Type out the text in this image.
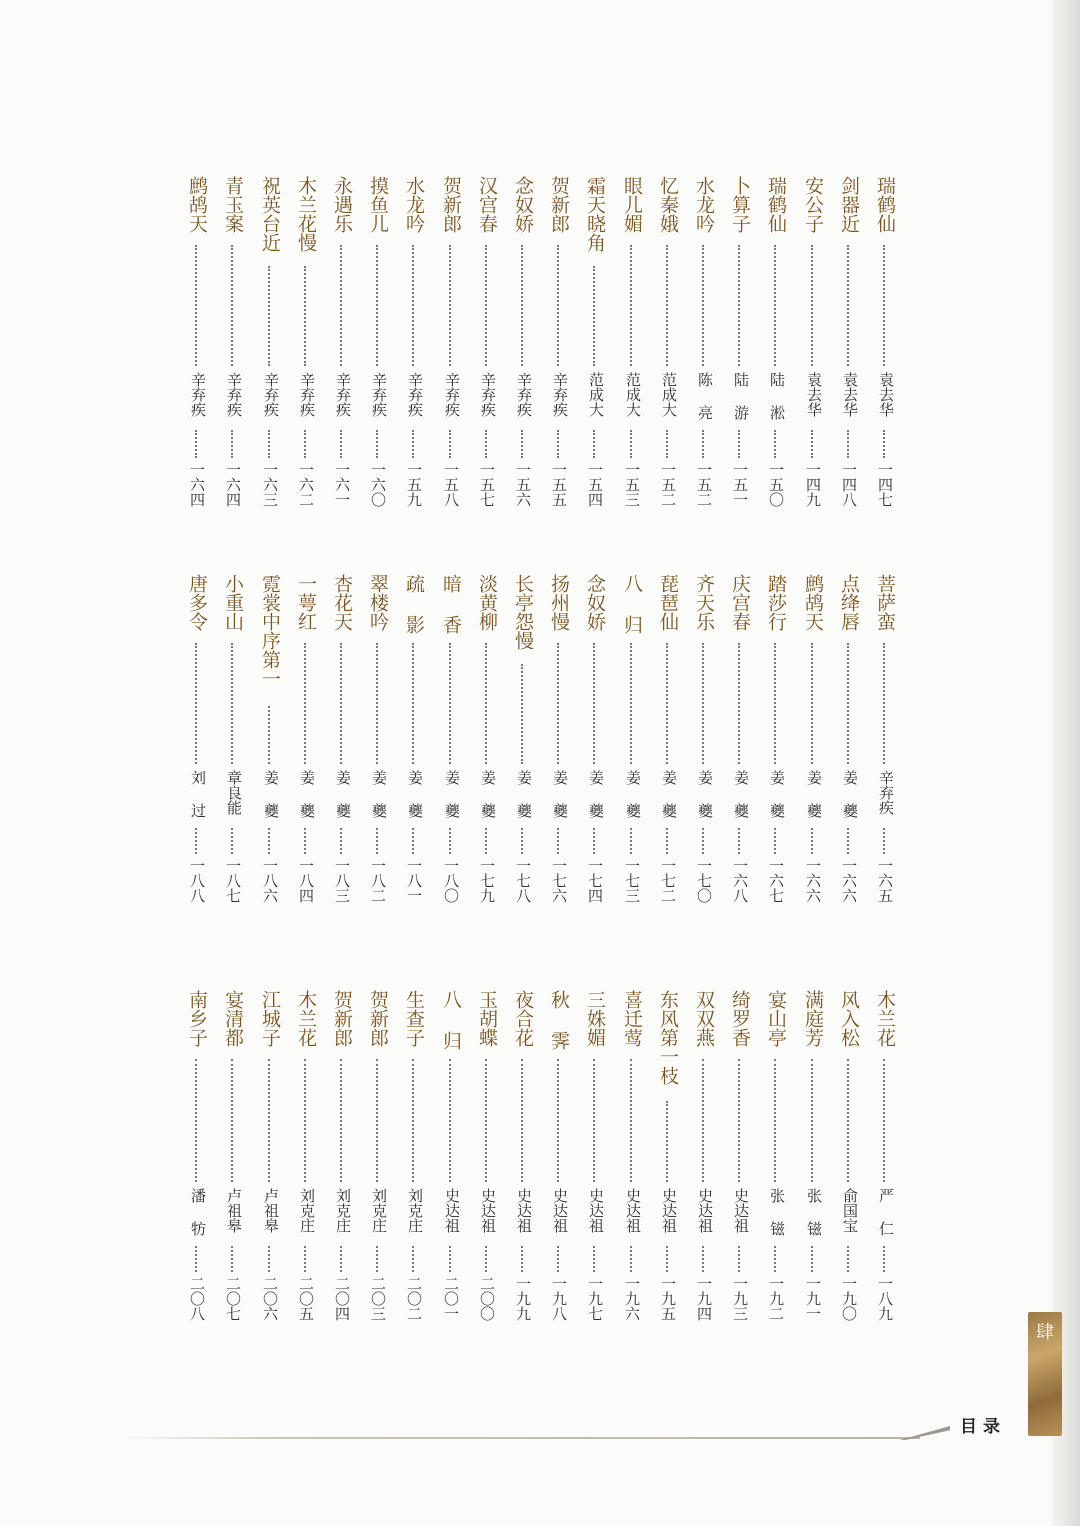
瑞鹤仙
袁去华
一四七
剑器近
袁去华
一四八
安公子
袁去华
一四九
瑞鹤仙
陆 淞
一五〇
卜算子
陆 游
一五一
水龙吟
陈 亮
一五二
忆秦娥
范成大
一五二
眼儿媚
范成大
一五三
霜天晓角
范成大
一五四
贺新郎
辛弃疾
一五五
念奴娇
辛弃疾
一五六
汉宫春
辛弃疾
一五七
贺新郎
辛弃疾
一五八
水龙吟
辛弃疾
一五九
摸鱼儿
辛弃疾
一六〇
永遇乐
辛弃疾
一六一
木兰花慢
辛弃疾
一六二
祝英台近
辛弃疾
一六三
青玉案
辛弃疾
一六四
鹧鸪天
辛弃疾
一六四
菩萨蛮
辛弃疾
一六五
点绛唇
姜 夔
一六六
鹧鸪天
姜 夔
一六六
踏莎行
姜 夔
一六七
庆宫春
姜 夔
一六八
齐天乐
姜 夔
一七〇
琵琶仙
姜 夔
一七二
八 归
姜 夔
一七三
念奴娇
姜 夔
一七四
扬州慢
姜 夔
一七六
长亭怨慢
姜 夔
一七八
淡黄柳
姜 夔
一七九
暗 香
姜 夔
一八〇
疏 影
姜 夔
一八一
翠楼吟
姜 夔
一八二
杏花天
姜 夔
一八三
一萼红
姜 夔
一八四
霓裳中序第一
姜 夔
一八六
小重山
章良能
一八七
唐多令
刘 过
一八八
木兰花
严 仁
一八九
风入松
俞国宝
一九〇
满庭芳
张 镃
一九一
宴山亭
张 镃
一九二
绮罗香
史达祖
一九三
双双燕
史达祖
一九四
东风第一枝
史达祖
一九五
喜迁莺
史达祖
一九六
三姝媚
史达祖
一九七
秋 霁
史达祖
一九八
夜合花
史达祖
一九九
玉胡蝶
史达祖
二〇〇
八 归
史达祖
二〇一
生查子
刘克庄
二〇二
贺新郎
刘克庄
二〇三
贺新郎
刘克庄
二〇四
木兰花
刘克庄
二〇五
江城子
卢祖皋
二〇六
宴清都
卢祖皋
二〇七
南乡子
潘 牥
二〇八
肆
目录
